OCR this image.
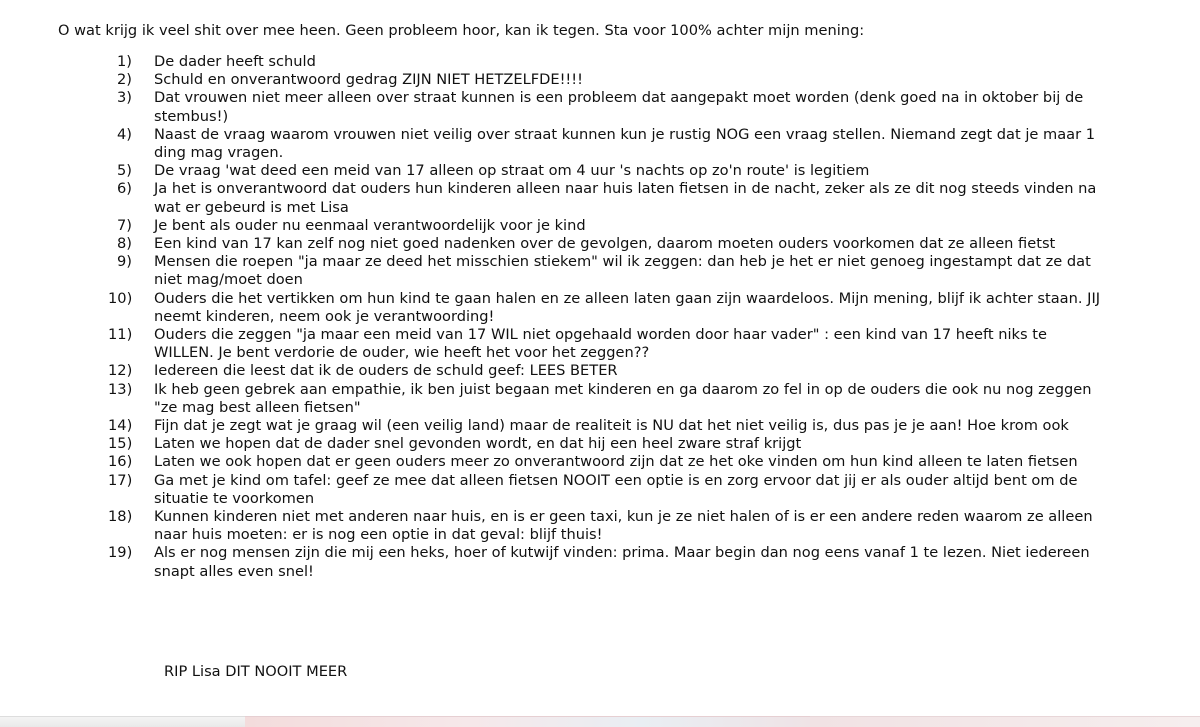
O wat krijg ik veel shit over mee heen. Geen probleem hoor, kan ik tegen. Sta voor 100% achter mijn mening:
1)	De dader heeft schuld
2)	Schuld en onverantwoord gedrag ZIJN NIET HETZELFDE!!!!
3)	Dat vrouwen niet meer alleen over straat kunnen is een probleem dat aangepakt moet worden (denk goed na in oktober bij de stembus!)
4)	Naast de vraag waarom vrouwen niet veilig over straat kunnen kun je rustig NOG een vraag stellen. Niemand zegt dat je maar 1 ding mag vragen.
5)	De vraag 'wat deed een meid van 17 alleen op straat om 4 uur 's nachts op zo'n route' is legitiem
6)	Ja het is onverantwoord dat ouders hun kinderen alleen naar huis laten fietsen in de nacht, zeker als ze dit nog steeds vinden na wat er gebeurd is met Lisa
7)	Je bent als ouder nu eenmaal verantwoordelijk voor je kind
8)	Een kind van 17 kan zelf nog niet goed nadenken over de gevolgen, daarom moeten ouders voorkomen dat ze alleen fietst
9)	Mensen die roepen "ja maar ze deed het misschien stiekem" wil ik zeggen: dan heb je het er niet genoeg ingestampt dat ze dat niet mag/moet doen
10)	Ouders die het vertikken om hun kind te gaan halen en ze alleen laten gaan zijn waardeloos. Mijn mening, blijf ik achter staan. JIJ neemt kinderen, neem ook je verantwoording!
11)	Ouders die zeggen "ja maar een meid van 17 WIL niet opgehaald worden door haar vader" : een kind van 17 heeft niks te WILLEN. Je bent verdorie de ouder, wie heeft het voor het zeggen??
12)	Iedereen die leest dat ik de ouders de schuld geef: LEES BETER
13)	Ik heb geen gebrek aan empathie, ik ben juist begaan met kinderen en ga daarom zo fel in op de ouders die ook nu nog zeggen "ze mag best alleen fietsen"
14)	Fijn dat je zegt wat je graag wil (een veilig land) maar de realiteit is NU dat het niet veilig is, dus pas je je aan! Hoe krom ook
15)	Laten we hopen dat de dader snel gevonden wordt, en dat hij een heel zware straf krijgt
16)	Laten we ook hopen dat er geen ouders meer zo onverantwoord zijn dat ze het oke vinden om hun kind alleen te laten fietsen
17)	Ga met je kind om tafel: geef ze mee dat alleen fietsen NOOIT een optie is en zorg ervoor dat jij er als ouder altijd bent om de situatie te voorkomen
18)	Kunnen kinderen niet met anderen naar huis, en is er geen taxi, kun je ze niet halen of is er een andere reden waarom ze alleen naar huis moeten: er is nog een optie in dat geval: blijf thuis!
19)	Als er nog mensen zijn die mij een heks, hoer of kutwijf vinden: prima. Maar begin dan nog eens vanaf 1 te lezen. Niet iedereen snapt alles even snel!
RIP Lisa DIT NOOIT MEER
